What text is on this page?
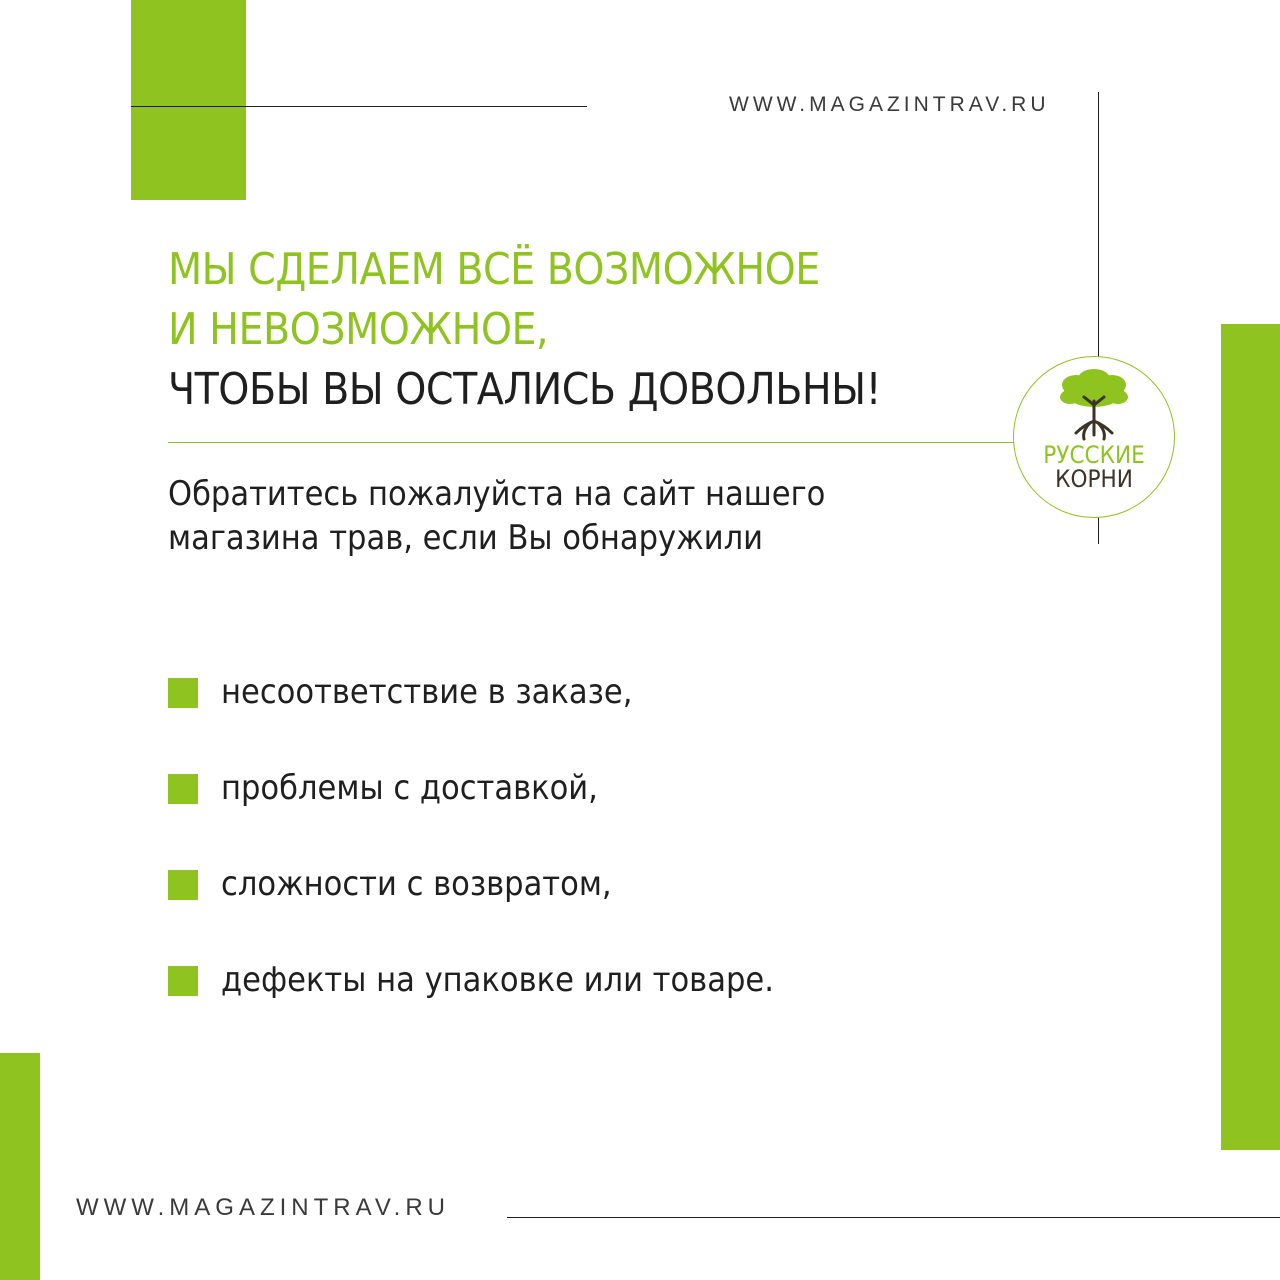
WWW.MAGAZINTRAV.RU
МЫ СДЕЛАЕМ ВСЁ ВОЗМОЖНОЕ
И НЕВОЗМОЖНОЕ,
ЧТОБЫ ВЫ ОСТАЛИСЬ ДОВОЛЬНЫ!
РУССКИЕ
КОРНИ
Обратитесь пожалуйста на сайт нашего
магазина трав, если Вы обнаружили
несоответствие в заказе,
проблемы с доставкой,
сложности с возвратом,
дефекты на упаковке или товаре.
WWW.MAGAZINTRAV.RU
